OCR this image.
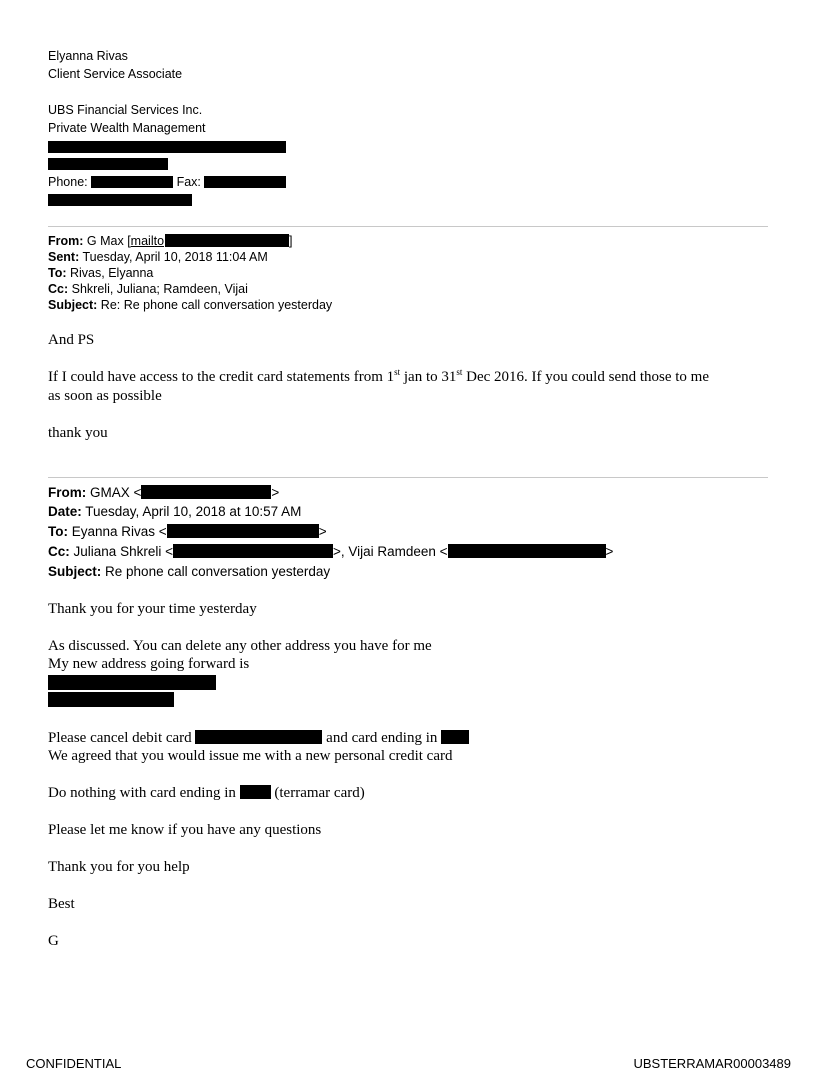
Elyanna Rivas
Client Service Associate
UBS Financial Services Inc.
Private Wealth Management
Phone:	Fax:
From: G Max [mailto	]
Sent: Tuesday, April 10, 2018 11:04 AM
To: Rivas, Elyanna
Cc: Shkreli, Juliana; Ramdeen, Vijai
Subject: Re: Re phone call conversation yesterday
And PS
If I could have access to the credit card statements from 1st jan to 31st Dec 2016. If you could send those to me
as soon as possible
thank you
From: GMAX <	>
Date: Tuesday, April 10, 2018 at 10:57 AM
To: Eyanna Rivas <	>
Cc: Juliana Shkreli <	>, Vijai Ramdeen <	>
Subject: Re phone call conversation yesterday
Thank you for your time yesterday
As discussed. You can delete any other address you have for me
My new address going forward is
Please cancel debit card	and card ending in
We agreed that you would issue me with a new personal credit card
Do nothing with card ending in	(terramar card)
Please let me know if you have any questions
Thank you for you help
Best
G
CONFIDENTIAL	UBSTERRAMAR00003489
